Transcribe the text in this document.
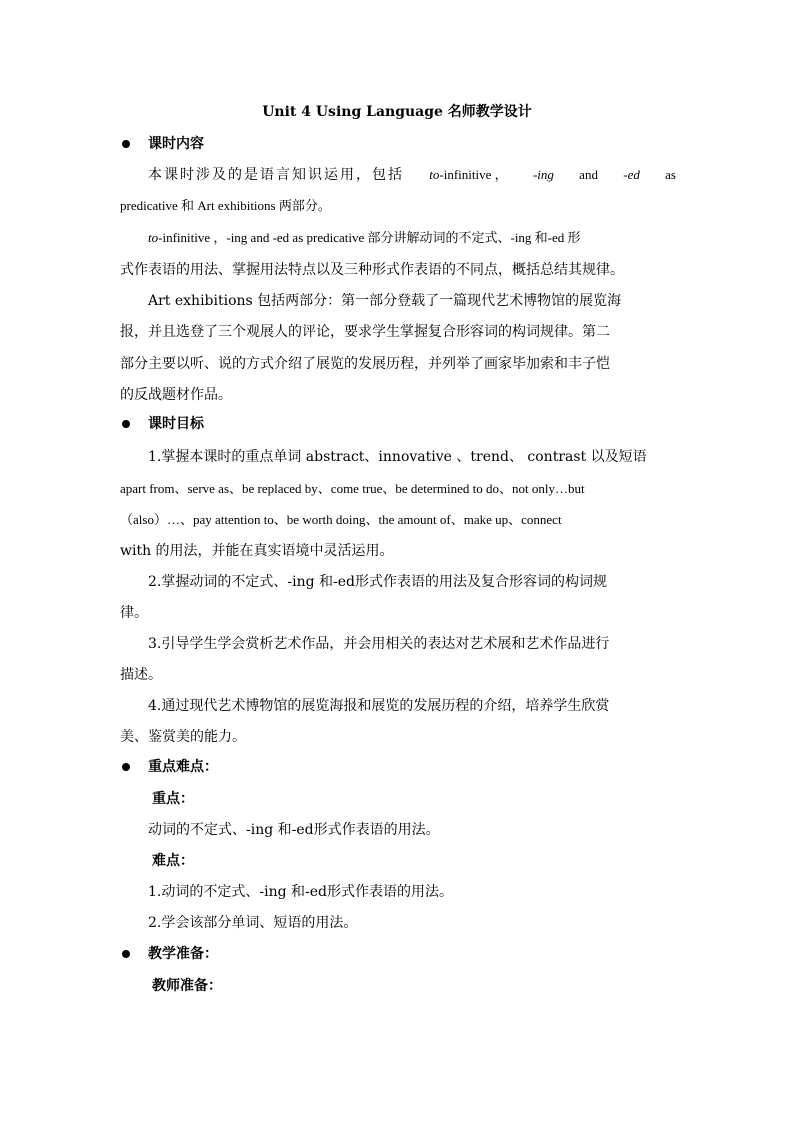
Unit 4 Using Language 名师教学设计
课时内容
本课时涉及的是语言知识运用，包括 to-infinitive ， -ing and -ed as
predicative 和 Art exhibitions 两部分。
to-infinitive ，-ing and -ed as predicative 部分讲解动词的不定式、-ing 和-ed 形
式作表语的用法、掌握用法特点以及三种形式作表语的不同点，概括总结其规律。
Art exhibitions 包括两部分：第一部分登载了一篇现代艺术博物馆的展览海
报，并且选登了三个观展人的评论，要求学生掌握复合形容词的构词规律。第二
部分主要以听、说的方式介绍了展览的发展历程，并列举了画家毕加索和丰子恺
的反战题材作品。
课时目标
1.掌握本课时的重点单词 abstract、innovative 、trend、 contrast 以及短语
apart from、serve as、be replaced by、come true、be determined to do、not only…but
（also）…、pay attention to、be worth doing、the amount of、make up、connect
with 的用法，并能在真实语境中灵活运用。
2.掌握动词的不定式、-ing 和-ed形式作表语的用法及复合形容词的构词规
律。
3.引导学生学会赏析艺术作品，并会用相关的表达对艺术展和艺术作品进行
描述。
4.通过现代艺术博物馆的展览海报和展览的发展历程的介绍，培养学生欣赏
美、鉴赏美的能力。
重点难点：
重点：
动词的不定式、-ing 和-ed形式作表语的用法。
难点：
1.动词的不定式、-ing 和-ed形式作表语的用法。
2.学会该部分单词、短语的用法。
教学准备：
教师准备：
